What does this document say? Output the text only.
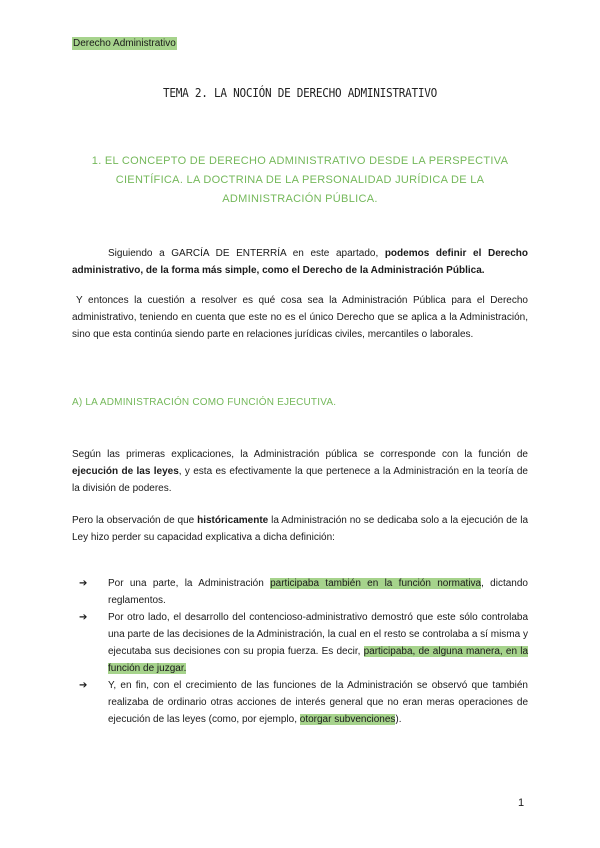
Derecho Administrativo
TEMA 2. LA NOCIÓN DE DERECHO ADMINISTRATIVO
1. EL CONCEPTO DE DERECHO ADMINISTRATIVO DESDE LA PERSPECTIVA CIENTÍFICA. LA DOCTRINA DE LA PERSONALIDAD JURÍDICA DE LA ADMINISTRACIÓN PÚBLICA.
Siguiendo a GARCÍA DE ENTERRÍA en este apartado, podemos definir el Derecho administrativo, de la forma más simple, como el Derecho de la Administración Pública.
Y entonces la cuestión a resolver es qué cosa sea la Administración Pública para el Derecho administrativo, teniendo en cuenta que este no es el único Derecho que se aplica a la Administración, sino que esta continúa siendo parte en relaciones jurídicas civiles, mercantiles o laborales.
A) LA ADMINISTRACIÓN COMO FUNCIÓN EJECUTIVA.
Según las primeras explicaciones, la Administración pública se corresponde con la función de ejecución de las leyes, y esta es efectivamente la que pertenece a la Administración en la teoría de la división de poderes.
Pero la observación de que históricamente la Administración no se dedicaba solo a la ejecución de la Ley hizo perder su capacidad explicativa a dicha definición:
➔ Por una parte, la Administración participaba también en la función normativa, dictando reglamentos.
➔ Por otro lado, el desarrollo del contencioso-administrativo demostró que este sólo controlaba una parte de las decisiones de la Administración, la cual en el resto se controlaba a sí misma y ejecutaba sus decisiones con su propia fuerza. Es decir, participaba, de alguna manera, en la función de juzgar.
➔ Y, en fin, con el crecimiento de las funciones de la Administración se observó que también realizaba de ordinario otras acciones de interés general que no eran meras operaciones de ejecución de las leyes (como, por ejemplo, otorgar subvenciones).
1
